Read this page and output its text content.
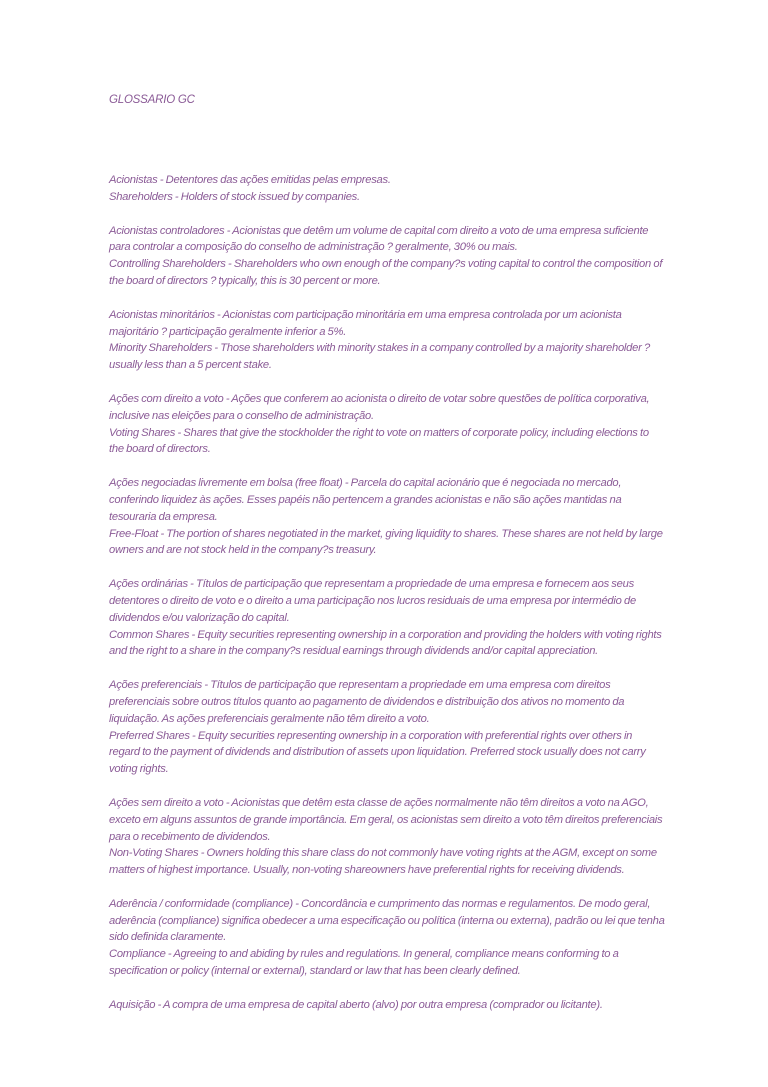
GLOSSARIO GC

Acionistas - Detentores das ações emitidas pelas empresas.

Shareholders - Holders of stock issued by companies.

Acionistas controladores - Acionistas que detêm um volume de capital com direito a voto de uma empresa suficiente para controlar a composição do conselho de administração ? geralmente, 30% ou mais.

Controlling Shareholders - Shareholders who own enough of the company?s voting capital to control the composition of the board of directors ? typically, this is 30 percent or more.

Acionistas minoritários - Acionistas com participação minoritária em uma empresa controlada por um acionista majoritário ? participação geralmente inferior a 5%.

Minority Shareholders - Those shareholders with minority stakes in a company controlled by a majority shareholder ? usually less than a 5 percent stake.

Ações com direito a voto - Ações que conferem ao acionista o direito de votar sobre questões de política corporativa, inclusive nas eleições para o conselho de administração.

Voting Shares - Shares that give the stockholder the right to vote on matters of corporate policy, including elections to the board of directors.

Ações negociadas livremente em bolsa (free float) - Parcela do capital acionário que é negociada no mercado, conferindo liquidez às ações. Esses papéis não pertencem a grandes acionistas e não são ações mantidas na tesouraria da empresa.

Free-Float - The portion of shares negotiated in the market, giving liquidity to shares. These shares are not held by large owners and are not stock held in the company?s treasury.

Ações ordinárias - Títulos de participação que representam a propriedade de uma empresa e fornecem aos seus detentores o direito de voto e o direito a uma participação nos lucros residuais de uma empresa por intermédio de dividendos e/ou valorização do capital.

Common Shares - Equity securities representing ownership in a corporation and providing the holders with voting rights and the right to a share in the company?s residual earnings through dividends and/or capital appreciation.

Ações preferenciais - Títulos de participação que representam a propriedade em uma empresa com direitos preferenciais sobre outros títulos quanto ao pagamento de dividendos e distribuição dos ativos no momento da liquidação. As ações preferenciais geralmente não têm direito a voto.

Preferred Shares - Equity securities representing ownership in a corporation with preferential rights over others in regard to the payment of dividends and distribution of assets upon liquidation. Preferred stock usually does not carry voting rights.

Ações sem direito a voto - Acionistas que detêm esta classe de ações normalmente não têm direitos a voto na AGO, exceto em alguns assuntos de grande importância. Em geral, os acionistas sem direito a voto têm direitos preferenciais para o recebimento de dividendos.

Non-Voting Shares - Owners holding this share class do not commonly have voting rights at the AGM, except on some matters of highest importance. Usually, non-voting shareowners have preferential rights for receiving dividends.

Aderência / conformidade (compliance) - Concordância e cumprimento das normas e regulamentos. De modo geral, aderência (compliance) significa obedecer a uma especificação ou política (interna ou externa), padrão ou lei que tenha sido definida claramente.

Compliance - Agreeing to and abiding by rules and regulations. In general, compliance means conforming to a specification or policy (internal or external), standard or law that has been clearly defined.

Aquisição - A compra de uma empresa de capital aberto (alvo) por outra empresa (comprador ou licitante).
